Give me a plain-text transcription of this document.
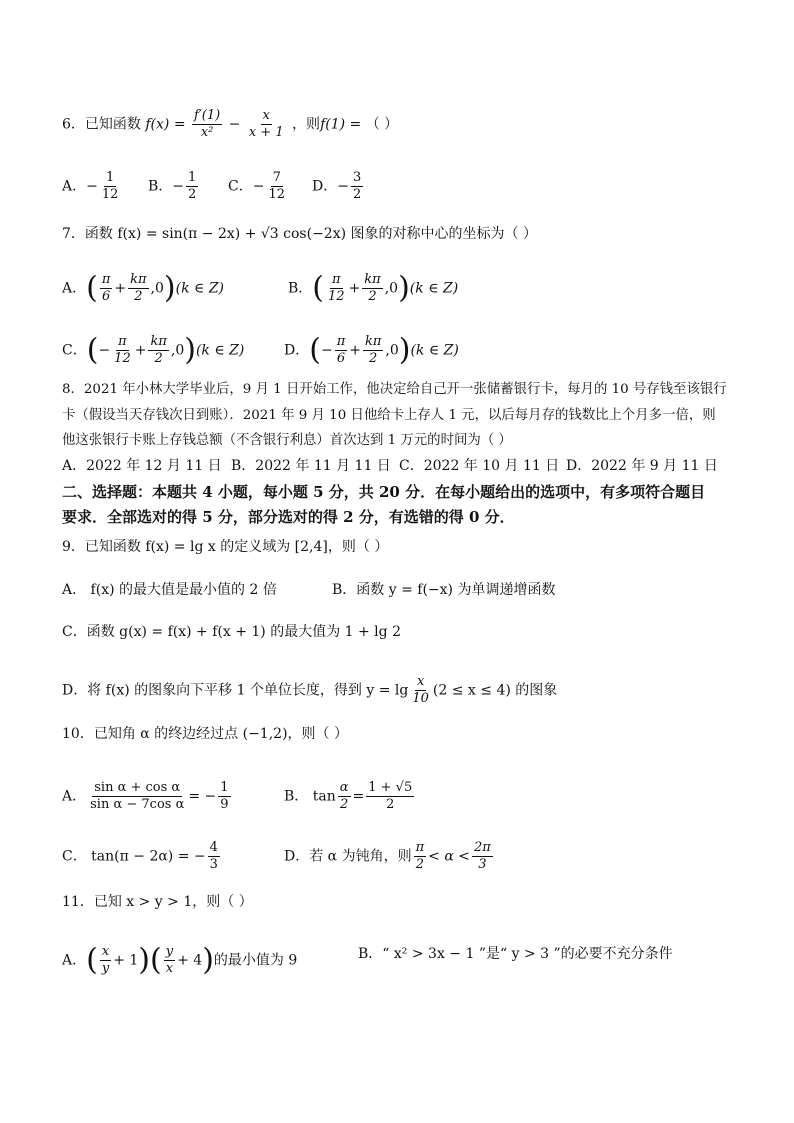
6．已知函数 $f(x) = \frac{f'(1)}{\text{x²}} - \frac{x}{x + 1}$ ，则f(1) = （ ）
A．− $\frac{1}{12}$ B．− $\frac{1}{2}$ C．− $\frac{7}{12}$ D．− $\frac{3}{2}$
7．函数 f(x) = sin(π − 2x) + √3 cos(−2x) 图象的对称中心的坐标为（ ）
A．( $\frac{\pi}{6} + \frac{k\pi}{2} ,0)(k$ ∈ Z)	B．( $\frac{\pi}{12} + \frac{k\pi}{2} ,0)(k$ ∈ Z)
C．(− $\frac{\pi}{12} + \frac{k\pi}{2} ,0)(k$ ∈ Z)	D．(− $\frac{\pi}{6} + \frac{k\pi}{2} ,0)(k$ ∈ Z)
8．2021 年小林大学毕业后，9 月 1 日开始工作，他决定给自己开一张储蓄银行卡，每月的 10 号存钱至该银行
卡（假设当天存钱次日到账）．2021 年 9 月 10 日他给卡上存人 1 元，以后每月存的钱数比上个月多一倍，则
他这张银行卡账上存钱总额（不含银行利息）首次达到 1 万元的时间为（ ）
A．2022 年 12 月 11 日 B．2022 年 11 月 11 日 C．2022 年 10 月 11 日 D．2022 年 9 月 11 日
二、选择题：本题共 4 小题，每小题 5 分，共 20 分．在每小题给出的选项中，有多项符合题目
要求．全部选对的得 5 分，部分选对的得 2 分，有选错的得 0 分．
9．已知函数 f(x) = lg x 的定义域为 [2,4]，则（ ）
A． f(x) 的最大值是最小值的 2 倍	B．函数 y = f(−x) 为单调递增函数
C．函数 g(x) = f(x) + f(x + 1) 的最大值为 1 + lg 2
D．将 f(x) 的图象向下平移 1 个单位长度，得到 $y = \lg \frac{x}{10} (2 \le x \le 4)$ 的图象
10．已知角 α 的终边经过点 (−1,2)，则（ ）
A． $\frac{\text{sin α + cos α}}{\text{sin α − 7cos α}}$ = − $\frac{1}{9}$	B． $\tan \frac{\alpha}{2} = \frac{1 + √5}{2}$
C． tan(π − 2α) = − $\frac{4}{3}$	D．若 α 为钝角，则 $\frac{\pi}{2} < \alpha < \frac{2\pi}{3}$
11．已知 x > y > 1，则（ ）
A．( $\frac{x}{y} + 1)( \frac{y}{x} + 4)$的最小值为 9	B．“ x² > 3x − 1 ”是“ y > 3 ”的必要不充分条件
